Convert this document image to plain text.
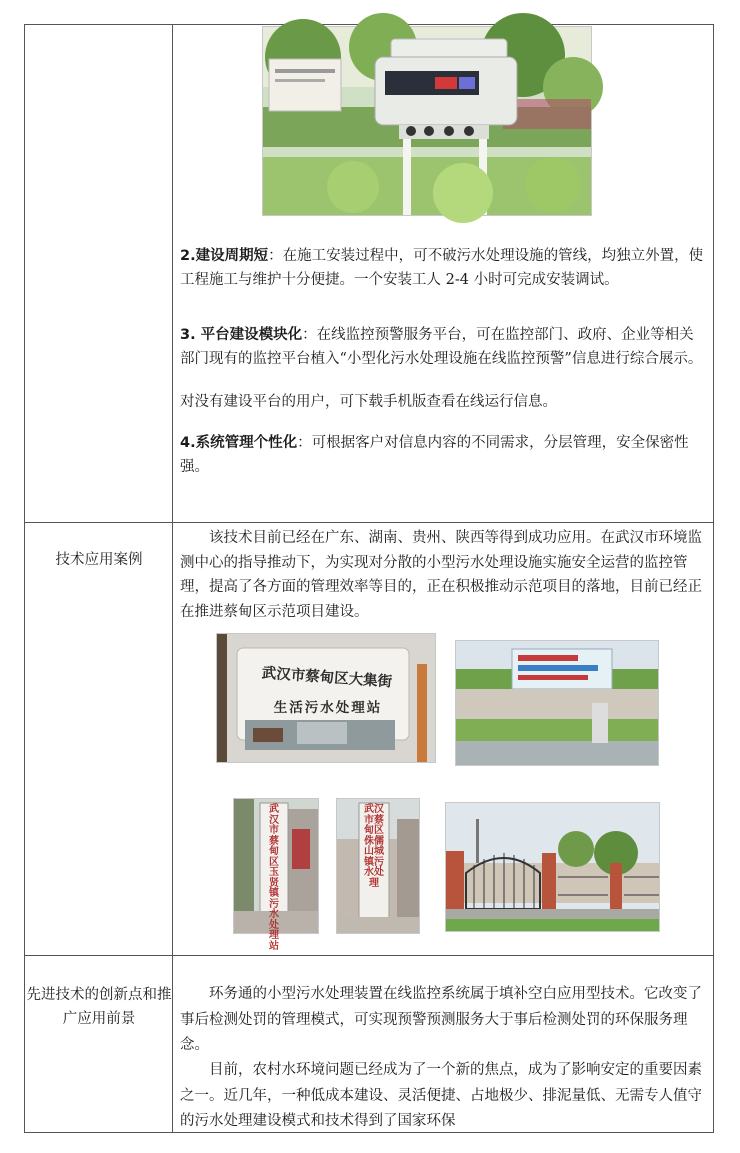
2.建设周期短：在施工安装过程中，可不破污水处理设施的管线，均独立外置，使工程施工与维护十分便捷。一个安装工人 2-4 小时可完成安装调试。

3. 平台建设模块化：在线监控预警服务平台，可在监控部门、政府、企业等相关部门现有的监控平台植入“小型化污水处理设施在线监控预警”信息进行综合展示。

对没有建设平台的用户，可下载手机版查看在线运行信息。

4.系统管理个性化：可根据客户对信息内容的不同需求，分层管理，安全保密性强。

技术应用案例

该技术目前已经在广东、湖南、贵州、陕西等得到成功应用。在武汉市环境监测中心的指导推动下，为实现对分散的小型污水处理设施实施安全运营的监控管理，提高了各方面的管理效率等目的，正在积极推动示范项目的落地，目前已经正在推进蔡甸区示范项目建设。

武汉市蔡甸区大集街
生活污水处理站
武汉市蔡甸区玉贤镇污水处理站
武汉市蔡甸区侏儒山城镇污水处理

先进技术的创新点和推广应用前景

环务通的小型污水处理装置在线监控系统属于填补空白应用型技术。它改变了事后检测处罚的管理模式，可实现预警预测服务大于事后检测处罚的环保服务理念。

目前，农村水环境问题已经成为了一个新的焦点，成为了影响安定的重要因素之一。近几年，一种低成本建设、灵活便捷、占地极少、排泥量低、无需专人值守的污水处理建设模式和技术得到了国家环保
